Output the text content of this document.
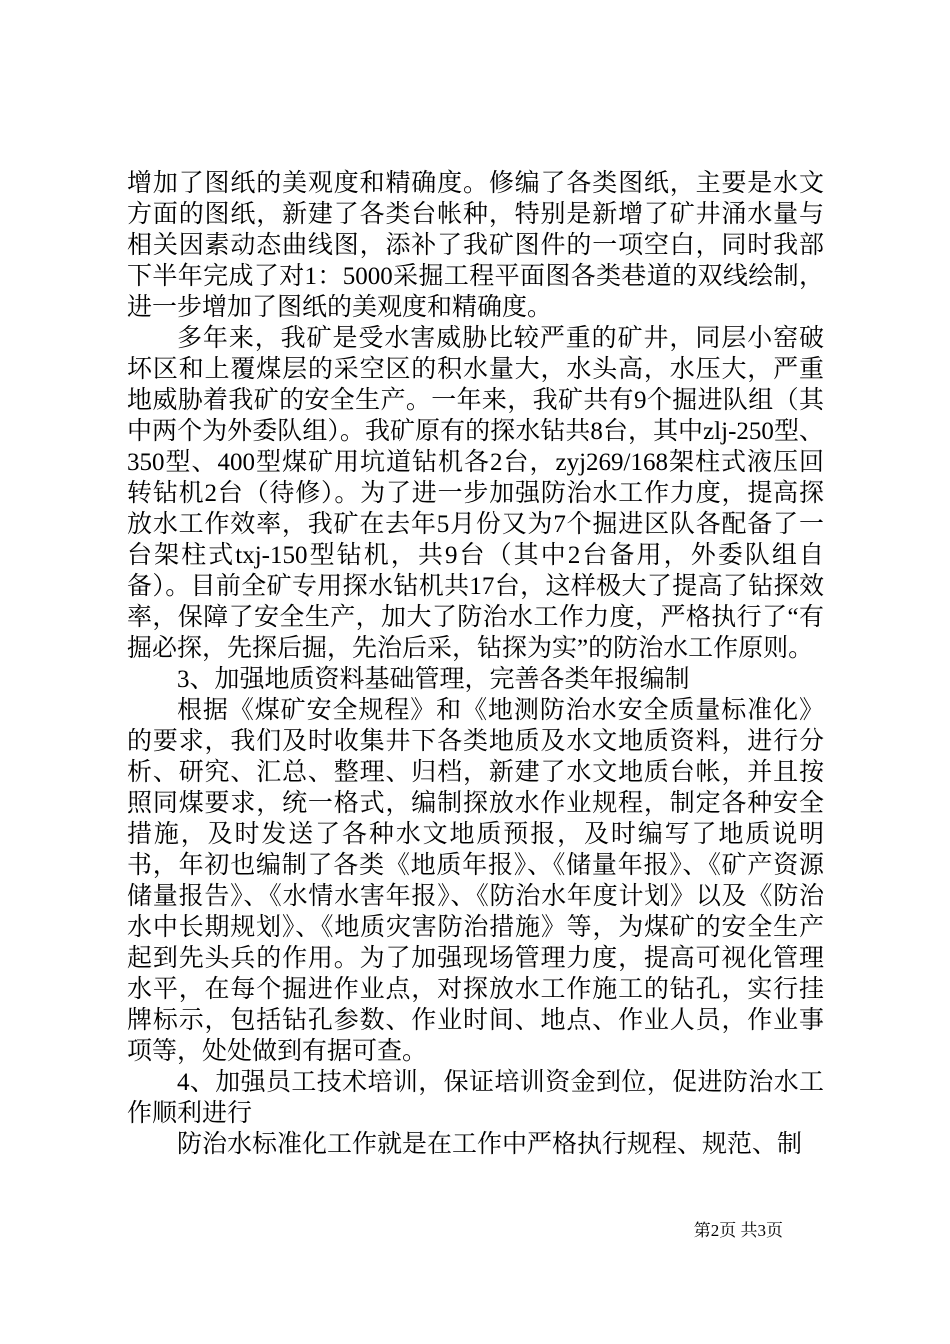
增加了图纸的美观度和精确度。修编了各类图纸，主要是水文方面的图纸，新建了各类台帐种，特别是新增了矿井涌水量与相关因素动态曲线图，添补了我矿图件的一项空白，同时我部下半年完成了对1：5000采掘工程平面图各类巷道的双线绘制，进一步增加了图纸的美观度和精确度。
多年来，我矿是受水害威胁比较严重的矿井，同层小窑破坏区和上覆煤层的采空区的积水量大，水头高，水压大，严重地威胁着我矿的安全生产。一年来，我矿共有9个掘进队组（其中两个为外委队组）。我矿原有的探水钻共8台，其中zlj-250型、350型、400型煤矿用坑道钻机各2台，zyj269/168架柱式液压回转钻机2台（待修）。为了进一步加强防治水工作力度，提高探放水工作效率，我矿在去年5月份又为7个掘进区队各配备了一台架柱式txj-150型钻机，共9台（其中2台备用，外委队组自备）。目前全矿专用探水钻机共17台，这样极大了提高了钻探效率，保障了安全生产，加大了防治水工作力度，严格执行了“有掘必探，先探后掘，先治后采，钻探为实”的防治水工作原则。
3、加强地质资料基础管理，完善各类年报编制
根据《煤矿安全规程》和《地测防治水安全质量标准化》的要求，我们及时收集井下各类地质及水文地质资料，进行分析、研究、汇总、整理、归档，新建了水文地质台帐，并且按照同煤要求，统一格式，编制探放水作业规程，制定各种安全措施，及时发送了各种水文地质预报，及时编写了地质说明书，年初也编制了各类《地质年报》、《储量年报》、《矿产资源储量报告》、《水情水害年报》、《防治水年度计划》以及《防治水中长期规划》、《地质灾害防治措施》等，为煤矿的安全生产起到先头兵的作用。为了加强现场管理力度，提高可视化管理水平，在每个掘进作业点，对探放水工作施工的钻孔，实行挂牌标示，包括钻孔参数、作业时间、地点、作业人员，作业事项等，处处做到有据可查。
4、加强员工技术培训，保证培训资金到位，促进防治水工作顺利进行
防治水标准化工作就是在工作中严格执行规程、规范、制
第2页 共3页
